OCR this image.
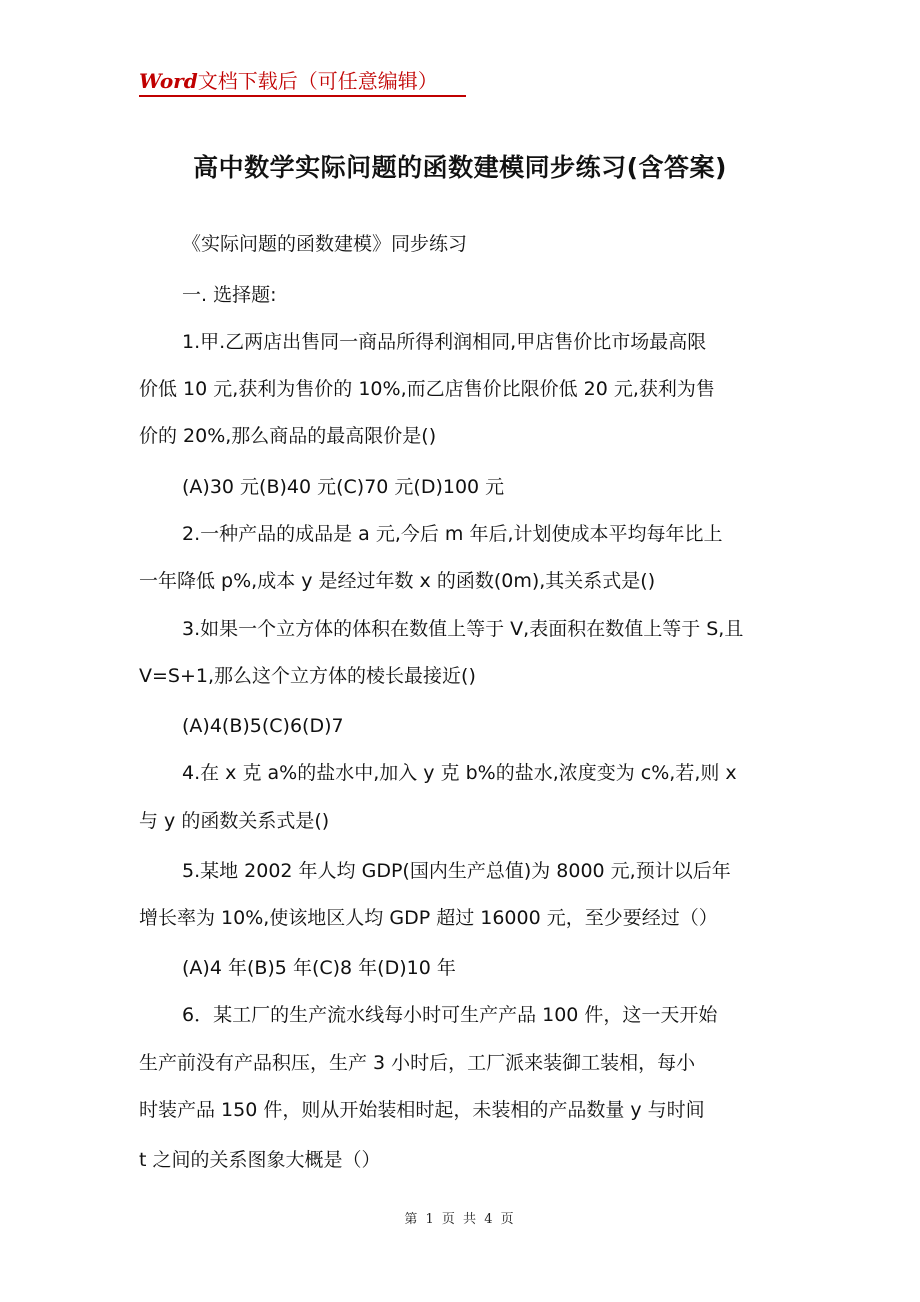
Word文档下载后（可任意编辑）
高中数学实际问题的函数建模同步练习(含答案)
《实际问题的函数建模》同步练习
一. 选择题:
1.甲.乙两店出售同一商品所得利润相同,甲店售价比市场最高限
价低 10 元,获利为售价的 10%,而乙店售价比限价低 20 元,获利为售
价的 20%,那么商品的最高限价是()
(A)30 元(B)40 元(C)70 元(D)100 元
2.一种产品的成品是 a 元,今后 m 年后,计划使成本平均每年比上
一年降低 p%,成本 y 是经过年数 x 的函数(0m),其关系式是()
3.如果一个立方体的体积在数值上等于 V,表面积在数值上等于 S,且
V=S+1,那么这个立方体的棱长最接近()
(A)4(B)5(C)6(D)7
4.在 x 克 a%的盐水中,加入 y 克 b%的盐水,浓度变为 c%,若,则 x
与 y 的函数关系式是()
5.某地 2002 年人均 GDP(国内生产总值)为 8000 元,预计以后年
增长率为 10%,使该地区人均 GDP 超过 16000 元，至少要经过（）
(A)4 年(B)5 年(C)8 年(D)10 年
6．某工厂的生产流水线每小时可生产产品 100 件，这一天开始
生产前没有产品积压，生产 3 小时后，工厂派来装御工装相，每小
时装产品 150 件，则从开始装相时起，未装相的产品数量 y 与时间
t 之间的关系图象大概是（）
第 1 页 共 4 页
